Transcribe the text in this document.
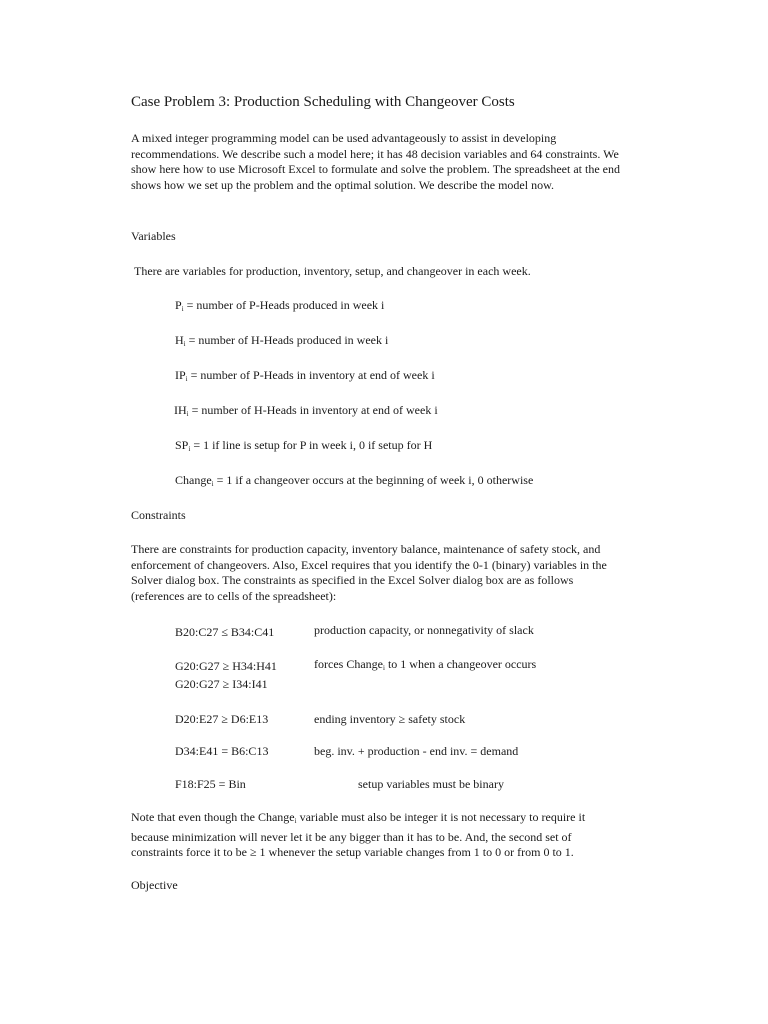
Case Problem 3: Production Scheduling with Changeover Costs
A mixed integer programming model can be used advantageously to assist in developing recommendations. We describe such a model here; it has 48 decision variables and 64 constraints. We show here how to use Microsoft Excel to formulate and solve the problem. The spreadsheet at the end shows how we set up the problem and the optimal solution. We describe the model now.
Variables
There are variables for production, inventory, setup, and changeover in each week.
$P_i$ = number of P-Heads produced in week i
$H_i$ = number of H-Heads produced in week i
$IP_i$ = number of P-Heads in inventory at end of week i
$IH_i$ = number of H-Heads in inventory at end of week i
$SP_i = 1$ if line is setup for P in week i, 0 if setup for H
Change$_i$ = 1 if a changeover occurs at the beginning of week i, 0 otherwise
Constraints
There are constraints for production capacity, inventory balance, maintenance of safety stock, and enforcement of changeovers. Also, Excel requires that you identify the 0-1 (binary) variables in the Solver dialog box. The constraints as specified in the Excel Solver dialog box are as follows (references are to cells of the spreadsheet):
B20:C27 ≤ B34:C41	production capacity, or nonnegativity of slack
G20:G27 ≥ H34:H41	forces Change$_i$ to 1 when a changeover occurs
G20:G27 ≥ I34:I41
D20:E27 ≥ D6:E13	ending inventory ≥ safety stock
D34:E41 = B6:C13	beg. inv. + production - end inv. = demand
F18:F25 = Bin	setup variables must be binary
Note that even though the Change$_i$ variable must also be integer it is not necessary to require it because minimization will never let it be any bigger than it has to be. And, the second set of constraints force it to be ≥ 1 whenever the setup variable changes from 1 to 0 or from 0 to 1.
Objective
